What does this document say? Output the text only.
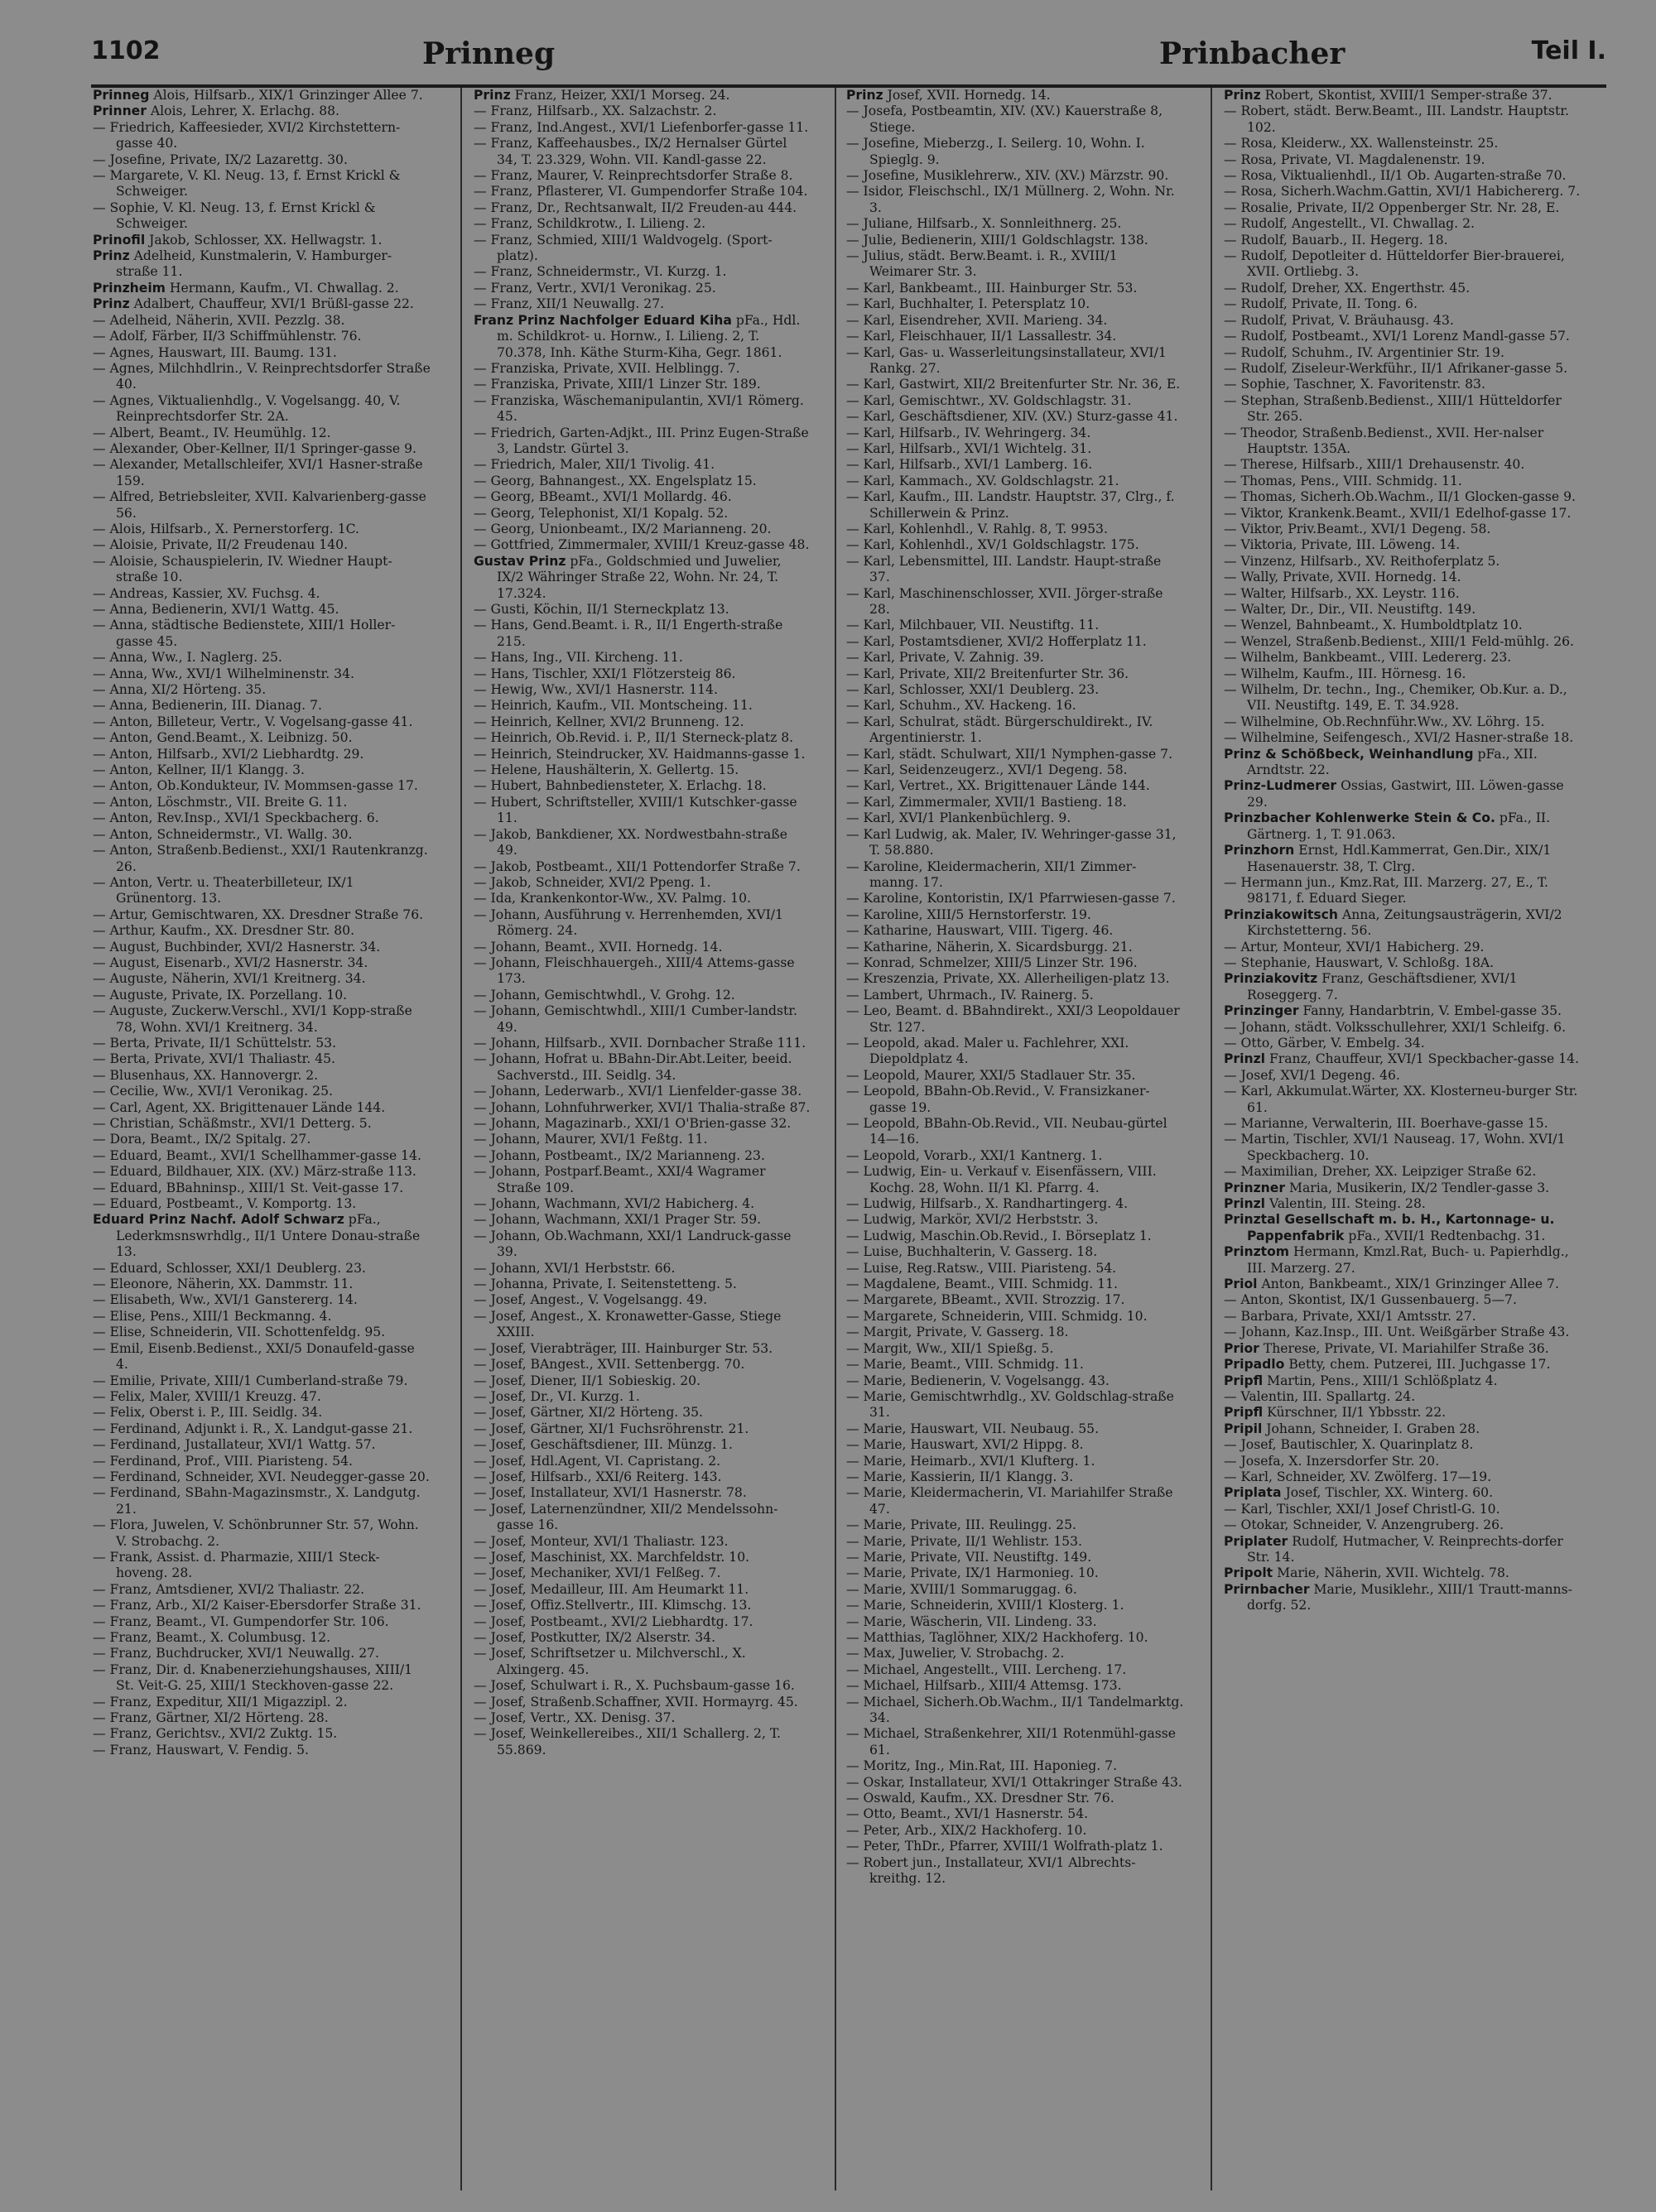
1102	Prinneg	Prinbacher	Teil I.

Prinneg Alois, Hilfsarb., XIX/1 Grinzinger Allee 7.

Prinner Alois, Lehrer, X. Erlachg. 88.

— Friedrich, Kaffeesieder, XVI/2 Kirchstettern-gasse 40.

— Josefine, Private, IX/2 Lazarettg. 30.

— Margarete, V. Kl. Neug. 13, f. Ernst Krickl & Schweiger.

— Sophie, V. Kl. Neug. 13, f. Ernst Krickl & Schweiger.

Prinofil Jakob, Schlosser, XX. Hellwagstr. 1.

Prinz Adelheid, Kunstmalerin, V. Hamburger-straße 11.

Prinzheim Hermann, Kaufm., VI. Chwallag. 2.

Prinz Adalbert, Chauffeur, XVI/1 Brüßl-gasse 22.

— Adelheid, Näherin, XVII. Pezzlg. 38.

— Adolf, Färber, II/3 Schiffmühlenstr. 76.

— Agnes, Hauswart, III. Baumg. 131.

— Agnes, Milchhdlrin., V. Reinprechtsdorfer Straße 40.

— Agnes, Viktualienhdlg., V. Vogelsangg. 40, V. Reinprechtsdorfer Str. 2A.

— Albert, Beamt., IV. Heumühlg. 12.

— Alexander, Ober-Kellner, II/1 Springer-gasse 9.

— Alexander, Metallschleifer, XVI/1 Hasner-straße 159.

— Alfred, Betriebsleiter, XVII. Kalvarienberg-gasse 56.

— Alois, Hilfsarb., X. Pernerstorferg. 1C.

— Aloisie, Private, II/2 Freudenau 140.

— Aloisie, Schauspielerin, IV. Wiedner Haupt-straße 10.

— Andreas, Kassier, XV. Fuchsg. 4.

— Anna, Bedienerin, XVI/1 Wattg. 45.

— Anna, städtische Bedienstete, XIII/1 Holler-gasse 45.

— Anna, Ww., I. Naglerg. 25.

— Anna, Ww., XVI/1 Wilhelminenstr. 34.

— Anna, XI/2 Hörteng. 35.

— Anna, Bedienerin, III. Dianag. 7.

— Anton, Billeteur, Vertr., V. Vogelsang-gasse 41.

— Anton, Gend.Beamt., X. Leibnizg. 50.

— Anton, Hilfsarb., XVI/2 Liebhardtg. 29.

— Anton, Kellner, II/1 Klangg. 3.

— Anton, Ob.Kondukteur, IV. Mommsen-gasse 17.

— Anton, Löschmstr., VII. Breite G. 11.

— Anton, Rev.Insp., XVI/1 Speckbacherg. 6.

— Anton, Schneidermstr., VI. Wallg. 30.

— Anton, Straßenb.Bedienst., XXI/1 Rautenkranzg. 26.

— Anton, Vertr. u. Theaterbilleteur, IX/1 Grünentorg. 13.

— Artur, Gemischtwaren, XX. Dresdner Straße 76.

— Arthur, Kaufm., XX. Dresdner Str. 80.

— August, Buchbinder, XVI/2 Hasnerstr. 34.

— August, Eisenarb., XVI/2 Hasnerstr. 34.

— Auguste, Näherin, XVI/1 Kreitnerg. 34.

— Auguste, Private, IX. Porzellang. 10.

— Auguste, Zuckerw.Verschl., XVI/1 Kopp-straße 78, Wohn. XVI/1 Kreitnerg. 34.

— Berta, Private, II/1 Schüttelstr. 53.

— Berta, Private, XVI/1 Thaliastr. 45.

— Blusenhaus, XX. Hannovergr. 2.

— Cecilie, Ww., XVI/1 Veronikag. 25.

— Carl, Agent, XX. Brigittenauer Lände 144.

— Christian, Schäßmstr., XVI/1 Detterg. 5.

— Dora, Beamt., IX/2 Spitalg. 27.

— Eduard, Beamt., XVI/1 Schellhammer-gasse 14.

— Eduard, Bildhauer, XIX. (XV.) März-straße 113.

— Eduard, BBahninsp., XIII/1 St. Veit-gasse 17.

— Eduard, Postbeamt., V. Komportg. 13.

Eduard Prinz Nachf. Adolf Schwarz pFa., Lederkmsnswrhdlg., II/1 Untere Donau-straße 13.

— Eduard, Schlosser, XXI/1 Deublerg. 23.

— Eleonore, Näherin, XX. Dammstr. 11.

— Elisabeth, Ww., XVI/1 Ganstererg. 14.

— Elise, Pens., XIII/1 Beckmanng. 4.

— Elise, Schneiderin, VII. Schottenfeldg. 95.

— Emil, Eisenb.Bedienst., XXI/5 Donaufeld-gasse 4.

— Emilie, Private, XIII/1 Cumberland-straße 79.

— Felix, Maler, XVIII/1 Kreuzg. 47.

— Felix, Oberst i. P., III. Seidlg. 34.

— Ferdinand, Adjunkt i. R., X. Landgut-gasse 21.

— Ferdinand, Justallateur, XVI/1 Wattg. 57.

— Ferdinand, Prof., VIII. Piaristeng. 54.

— Ferdinand, Schneider, XVI. Neudegger-gasse 20.

— Ferdinand, SBahn-Magazinsmstr., X. Landgutg. 21.

— Flora, Juwelen, V. Schönbrunner Str. 57, Wohn. V. Strobachg. 2.

— Frank, Assist. d. Pharmazie, XIII/1 Steck-hoveng. 28.

— Franz, Amtsdiener, XVI/2 Thaliastr. 22.

— Franz, Arb., XI/2 Kaiser-Ebersdorfer Straße 31.

— Franz, Beamt., VI. Gumpendorfer Str. 106.

— Franz, Beamt., X. Columbusg. 12.

— Franz, Buchdrucker, XVI/1 Neuwallg. 27.

— Franz, Dir. d. Knabenerziehungshauses, XIII/1 St. Veit-G. 25, XIII/1 Steckhoven-gasse 22.

— Franz, Expeditur, XII/1 Migazzipl. 2.

— Franz, Gärtner, XI/2 Hörteng. 28.

— Franz, Gerichtsv., XVI/2 Zuktg. 15.

— Franz, Hauswart, V. Fendig. 5.

Prinz Franz, Heizer, XXI/1 Morseg. 24.

— Franz, Hilfsarb., XX. Salzachstr. 2.

— Franz, Ind.Angest., XVI/1 Liefenborfer-gasse 11.

— Franz, Kaffeehausbes., IX/2 Hernalser Gürtel 34, T. 23.329, Wohn. VII. Kandl-gasse 22.

— Franz, Maurer, V. Reinprechtsdorfer Straße 8.

— Franz, Pflasterer, VI. Gumpendorfer Straße 104.

— Franz, Dr., Rechtsanwalt, II/2 Freuden-au 444.

— Franz, Schildkrotw., I. Lilieng. 2.

— Franz, Schmied, XIII/1 Waldvogelg. (Sport-platz).

— Franz, Schneidermstr., VI. Kurzg. 1.

— Franz, Vertr., XVI/1 Veronikag. 25.

— Franz, XII/1 Neuwallg. 27.

Franz Prinz Nachfolger Eduard Kiha pFa., Hdl. m. Schildkrot- u. Hornw., I. Lilieng. 2, T. 70.378, Inh. Käthe Sturm-Kiha, Gegr. 1861.

— Franziska, Private, XVII. Helblingg. 7.

— Franziska, Private, XIII/1 Linzer Str. 189.

— Franziska, Wäschemanipulantin, XVI/1 Römerg. 45.

— Friedrich, Garten-Adjkt., III. Prinz Eugen-Straße 3, Landstr. Gürtel 3.

— Friedrich, Maler, XII/1 Tivolig. 41.

— Georg, Bahnangest., XX. Engelsplatz 15.

— Georg, BBeamt., XVI/1 Mollardg. 46.

— Georg, Telephonist, XI/1 Kopalg. 52.

— Georg, Unionbeamt., IX/2 Marianneng. 20.

— Gottfried, Zimmermaler, XVIII/1 Kreuz-gasse 48.

Gustav Prinz pFa., Goldschmied und Juwelier, IX/2 Währinger Straße 22, Wohn. Nr. 24, T. 17.324.

— Gusti, Köchin, II/1 Sterneckplatz 13.

— Hans, Gend.Beamt. i. R., II/1 Engerth-straße 215.

— Hans, Ing., VII. Kircheng. 11.

— Hans, Tischler, XXI/1 Flötzersteig 86.

— Hewig, Ww., XVI/1 Hasnerstr. 114.

— Heinrich, Kaufm., VII. Montscheing. 11.

— Heinrich, Kellner, XVI/2 Brunneng. 12.

— Heinrich, Ob.Revid. i. P., II/1 Sterneck-platz 8.

— Heinrich, Steindrucker, XV. Haidmanns-gasse 1.

— Helene, Haushälterin, X. Gellertg. 15.

— Hubert, Bahnbediensteter, X. Erlachg. 18.

— Hubert, Schriftsteller, XVIII/1 Kutschker-gasse 11.

— Jakob, Bankdiener, XX. Nordwestbahn-straße 49.

— Jakob, Postbeamt., XII/1 Pottendorfer Straße 7.

— Jakob, Schneider, XVI/2 Ppeng. 1.

— Ida, Krankenkontor-Ww., XV. Palmg. 10.

— Johann, Ausführung v. Herrenhemden, XVI/1 Römerg. 24.

— Johann, Beamt., XVII. Hornedg. 14.

— Johann, Fleischhauergeh., XIII/4 Attems-gasse 173.

— Johann, Gemischtwhdl., V. Grohg. 12.

— Johann, Gemischtwhdl., XIII/1 Cumber-landstr. 49.

— Johann, Hilfsarb., XVII. Dornbacher Straße 111.

— Johann, Hofrat u. BBahn-Dir.Abt.Leiter, beeid. Sachverstd., III. Seidlg. 34.

— Johann, Lederwarb., XVI/1 Lienfelder-gasse 38.

— Johann, Lohnfuhrwerker, XVI/1 Thalia-straße 87.

— Johann, Magazinarb., XXI/1 O'Brien-gasse 32.

— Johann, Maurer, XVI/1 Feßtg. 11.

— Johann, Postbeamt., IX/2 Marianneng. 23.

— Johann, Postparf.Beamt., XXI/4 Wagramer Straße 109.

— Johann, Wachmann, XVI/2 Habicherg. 4.

— Johann, Wachmann, XXI/1 Prager Str. 59.

— Johann, Ob.Wachmann, XXI/1 Landruck-gasse 39.

— Johann, XVI/1 Herbststr. 66.

— Johanna, Private, I. Seitenstetteng. 5.

— Josef, Angest., V. Vogelsangg. 49.

— Josef, Angest., X. Kronawetter-Gasse, Stiege XXIII.

— Josef, Vierabträger, III. Hainburger Str. 53.

— Josef, BAngest., XVII. Settenbergg. 70.

— Josef, Diener, II/1 Sobieskig. 20.

— Josef, Dr., VI. Kurzg. 1.

— Josef, Gärtner, XI/2 Hörteng. 35.

— Josef, Gärtner, XI/1 Fuchsröhrenstr. 21.

— Josef, Geschäftsdiener, III. Münzg. 1.

— Josef, Hdl.Agent, VI. Capristang. 2.

— Josef, Hilfsarb., XXI/6 Reiterg. 143.

— Josef, Installateur, XVI/1 Hasnerstr. 78.

— Josef, Laternenzündner, XII/2 Mendelssohn-gasse 16.

— Josef, Monteur, XVI/1 Thaliastr. 123.

— Josef, Maschinist, XX. Marchfeldstr. 10.

— Josef, Mechaniker, XVI/1 Felßeg. 7.

— Josef, Medailleur, III. Am Heumarkt 11.

— Josef, Offiz.Stellvertr., III. Klimschg. 13.

— Josef, Postbeamt., XVI/2 Liebhardtg. 17.

— Josef, Postkutter, IX/2 Alserstr. 34.

— Josef, Schriftsetzer u. Milchverschl., X. Alxingerg. 45.

— Josef, Schulwart i. R., X. Puchsbaum-gasse 16.

— Josef, Straßenb.Schaffner, XVII. Hormayrg. 45.

— Josef, Vertr., XX. Denisg. 37.

— Josef, Weinkellereibes., XII/1 Schallerg. 2, T. 55.869.

Prinz Josef, XVII. Hornedg. 14.

— Josefa, Postbeamtin, XIV. (XV.) Kauerstraße 8, Stiege.

— Josefine, Mieberzg., I. Seilerg. 10, Wohn. I. Spieglg. 9.

— Josefine, Musiklehrerw., XIV. (XV.) Märzstr. 90.

— Isidor, Fleischschl., IX/1 Müllnerg. 2, Wohn. Nr. 3.

— Juliane, Hilfsarb., X. Sonnleithnerg. 25.

— Julie, Bedienerin, XIII/1 Goldschlagstr. 138.

— Julius, städt. Berw.Beamt. i. R., XVIII/1 Weimarer Str. 3.

— Karl, Bankbeamt., III. Hainburger Str. 53.

— Karl, Buchhalter, I. Petersplatz 10.

— Karl, Eisendreher, XVII. Marieng. 34.

— Karl, Fleischhauer, II/1 Lassallestr. 34.

— Karl, Gas- u. Wasserleitungsinstallateur, XVI/1 Rankg. 27.

— Karl, Gastwirt, XII/2 Breitenfurter Str. Nr. 36, E.

— Karl, Gemischtwr., XV. Goldschlagstr. 31.

— Karl, Geschäftsdiener, XIV. (XV.) Sturz-gasse 41.

— Karl, Hilfsarb., IV. Wehringerg. 34.

— Karl, Hilfsarb., XVI/1 Wichtelg. 31.

— Karl, Hilfsarb., XVI/1 Lamberg. 16.

— Karl, Kammach., XV. Goldschlagstr. 21.

— Karl, Kaufm., III. Landstr. Hauptstr. 37, Clrg., f. Schillerwein & Prinz.

— Karl, Kohlenhdl., V. Rahlg. 8, T. 9953.

— Karl, Kohlenhdl., XV/1 Goldschlagstr. 175.

— Karl, Lebensmittel, III. Landstr. Haupt-straße 37.

— Karl, Maschinenschlosser, XVII. Jörger-straße 28.

— Karl, Milchbauer, VII. Neustiftg. 11.

— Karl, Postamtsdiener, XVI/2 Hofferplatz 11.

— Karl, Private, V. Zahnig. 39.

— Karl, Private, XII/2 Breitenfurter Str. 36.

— Karl, Schlosser, XXI/1 Deublerg. 23.

— Karl, Schuhm., XV. Hackeng. 16.

— Karl, Schulrat, städt. Bürgerschuldirekt., IV. Argentinierstr. 1.

— Karl, städt. Schulwart, XII/1 Nymphen-gasse 7.

— Karl, Seidenzeugerz., XVI/1 Degeng. 58.

— Karl, Vertret., XX. Brigittenauer Lände 144.

— Karl, Zimmermaler, XVII/1 Bastieng. 18.

— Karl, XVI/1 Plankenbüchlerg. 9.

— Karl Ludwig, ak. Maler, IV. Wehringer-gasse 31, T. 58.880.

— Karoline, Kleidermacherin, XII/1 Zimmer-manng. 17.

— Karoline, Kontoristin, IX/1 Pfarrwiesen-gasse 7.

— Karoline, XIII/5 Hernstorferstr. 19.

— Katharine, Hauswart, VIII. Tigerg. 46.

— Katharine, Näherin, X. Sicardsburgg. 21.

— Konrad, Schmelzer, XIII/5 Linzer Str. 196.

— Kreszenzia, Private, XX. Allerheiligen-platz 13.

— Lambert, Uhrmach., IV. Rainerg. 5.

— Leo, Beamt. d. BBahndirekt., XXI/3 Leopoldauer Str. 127.

— Leopold, akad. Maler u. Fachlehrer, XXI. Diepoldplatz 4.

— Leopold, Maurer, XXI/5 Stadlauer Str. 35.

— Leopold, BBahn-Ob.Revid., V. Fransizkaner-gasse 19.

— Leopold, BBahn-Ob.Revid., VII. Neubau-gürtel 14—16.

— Leopold, Vorarb., XXI/1 Kantnerg. 1.

— Ludwig, Ein- u. Verkauf v. Eisenfässern, VIII. Kochg. 28, Wohn. II/1 Kl. Pfarrg. 4.

— Ludwig, Hilfsarb., X. Randhartingerg. 4.

— Ludwig, Markör, XVI/2 Herbststr. 3.

— Ludwig, Maschin.Ob.Revid., I. Börseplatz 1.

— Luise, Buchhalterin, V. Gasserg. 18.

— Luise, Reg.Ratsw., VIII. Piaristeng. 54.

— Magdalene, Beamt., VIII. Schmidg. 11.

— Margarete, BBeamt., XVII. Strozzig. 17.

— Margarete, Schneiderin, VIII. Schmidg. 10.

— Margit, Private, V. Gasserg. 18.

— Margit, Ww., XII/1 Spießg. 5.

— Marie, Beamt., VIII. Schmidg. 11.

— Marie, Bedienerin, V. Vogelsangg. 43.

— Marie, Gemischtwrhdlg., XV. Goldschlag-straße 31.

— Marie, Hauswart, VII. Neubaug. 55.

— Marie, Hauswart, XVI/2 Hippg. 8.

— Marie, Heimarb., XVI/1 Klufterg. 1.

— Marie, Kassierin, II/1 Klangg. 3.

— Marie, Kleidermacherin, VI. Mariahilfer Straße 47.

— Marie, Private, III. Reulingg. 25.

— Marie, Private, II/1 Wehlistr. 153.

— Marie, Private, VII. Neustiftg. 149.

— Marie, Private, IX/1 Harmonieg. 10.

— Marie, XVIII/1 Sommaruggag. 6.

— Marie, Schneiderin, XVIII/1 Klosterg. 1.

— Marie, Wäscherin, VII. Lindeng. 33.

— Matthias, Taglöhner, XIX/2 Hackhoferg. 10.

— Max, Juwelier, V. Strobachg. 2.

— Michael, Angestellt., VIII. Lercheng. 17.

— Michael, Hilfsarb., XIII/4 Attemsg. 173.

— Michael, Sicherh.Ob.Wachm., II/1 Tandelmarktg. 34.

— Michael, Straßenkehrer, XII/1 Rotenmühl-gasse 61.

— Moritz, Ing., Min.Rat, III. Haponieg. 7.

— Oskar, Installateur, XVI/1 Ottakringer Straße 43.

— Oswald, Kaufm., XX. Dresdner Str. 76.

— Otto, Beamt., XVI/1 Hasnerstr. 54.

— Peter, Arb., XIX/2 Hackhoferg. 10.

— Peter, ThDr., Pfarrer, XVIII/1 Wolfrath-platz 1.

— Robert jun., Installateur, XVI/1 Albrechts-kreithg. 12.

Prinz Robert, Skontist, XVIII/1 Semper-straße 37.

— Robert, städt. Berw.Beamt., III. Landstr. Hauptstr. 102.

— Rosa, Kleiderw., XX. Wallensteinstr. 25.

— Rosa, Private, VI. Magdalenenstr. 19.

— Rosa, Viktualienhdl., II/1 Ob. Augarten-straße 70.

— Rosa, Sicherh.Wachm.Gattin, XVI/1 Habichererg. 7.

— Rosalie, Private, II/2 Oppenberger Str. Nr. 28, E.

— Rudolf, Angestellt., VI. Chwallag. 2.

— Rudolf, Bauarb., II. Hegerg. 18.

— Rudolf, Depotleiter d. Hütteldorfer Bier-brauerei, XVII. Ortliebg. 3.

— Rudolf, Dreher, XX. Engerthstr. 45.

— Rudolf, Private, II. Tong. 6.

— Rudolf, Privat, V. Bräuhausg. 43.

— Rudolf, Postbeamt., XVI/1 Lorenz Mandl-gasse 57.

— Rudolf, Schuhm., IV. Argentinier Str. 19.

— Rudolf, Ziseleur-Werkführ., II/1 Afrikaner-gasse 5.

— Sophie, Taschner, X. Favoritenstr. 83.

— Stephan, Straßenb.Bedienst., XIII/1 Hütteldorfer Str. 265.

— Theodor, Straßenb.Bedienst., XVII. Her-nalser Hauptstr. 135A.

— Therese, Hilfsarb., XIII/1 Drehausenstr. 40.

— Thomas, Pens., VIII. Schmidg. 11.

— Thomas, Sicherh.Ob.Wachm., II/1 Glocken-gasse 9.

— Viktor, Krankenk.Beamt., XVII/1 Edelhof-gasse 17.

— Viktor, Priv.Beamt., XVI/1 Degeng. 58.

— Viktoria, Private, III. Löweng. 14.

— Vinzenz, Hilfsarb., XV. Reithoferplatz 5.

— Wally, Private, XVII. Hornedg. 14.

— Walter, Hilfsarb., XX. Leystr. 116.

— Walter, Dr., Dir., VII. Neustiftg. 149.

— Wenzel, Bahnbeamt., X. Humboldtplatz 10.

— Wenzel, Straßenb.Bedienst., XIII/1 Feld-mühlg. 26.

— Wilhelm, Bankbeamt., VIII. Ledererg. 23.

— Wilhelm, Kaufm., III. Hörnesg. 16.

— Wilhelm, Dr. techn., Ing., Chemiker, Ob.Kur. a. D., VII. Neustiftg. 149, E. T. 34.928.

— Wilhelmine, Ob.Rechnführ.Ww., XV. Löhrg. 15.

— Wilhelmine, Seifengesch., XVI/2 Hasner-straße 18.

Prinz & Schößbeck, Weinhandlung pFa., XII. Arndtstr. 22.

Prinz-Ludmerer Ossias, Gastwirt, III. Löwen-gasse 29.

Prinzbacher Kohlenwerke Stein & Co. pFa., II. Gärtnerg. 1, T. 91.063.

Prinzhorn Ernst, Hdl.Kammerrat, Gen.Dir., XIX/1 Hasenauerstr. 38, T. Clrg.

— Hermann jun., Kmz.Rat, III. Marzerg. 27, E., T. 98171, f. Eduard Sieger.

Prinziakowitsch Anna, Zeitungsausträgerin, XVI/2 Kirchstetterng. 56.

— Artur, Monteur, XVI/1 Habicherg. 29.

— Stephanie, Hauswart, V. Schloßg. 18A.

Prinziakovitz Franz, Geschäftsdiener, XVI/1 Roseggerg. 7.

Prinzinger Fanny, Handarbtrin, V. Embel-gasse 35.

— Johann, städt. Volksschullehrer, XXI/1 Schleifg. 6.

— Otto, Gärber, V. Embelg. 34.

Prinzl Franz, Chauffeur, XVI/1 Speckbacher-gasse 14.

— Josef, XVI/1 Degeng. 46.

— Karl, Akkumulat.Wärter, XX. Klosterneu-burger Str. 61.

— Marianne, Verwalterin, III. Boerhave-gasse 15.

— Martin, Tischler, XVI/1 Nauseag. 17, Wohn. XVI/1 Speckbacherg. 10.

— Maximilian, Dreher, XX. Leipziger Straße 62.

Prinzner Maria, Musikerin, IX/2 Tendler-gasse 3.

Prinzl Valentin, III. Steing. 28.

Prinztal Gesellschaft m. b. H., Kartonnage- u. Pappenfabrik pFa., XVII/1 Redtenbachg. 31.

Prinztom Hermann, Kmzl.Rat, Buch- u. Papierhdlg., III. Marzerg. 27.

Priol Anton, Bankbeamt., XIX/1 Grinzinger Allee 7.

— Anton, Skontist, IX/1 Gussenbauerg. 5—7.

— Barbara, Private, XXI/1 Amtsstr. 27.

— Johann, Kaz.Insp., III. Unt. Weißgärber Straße 43.

Prior Therese, Private, VI. Mariahilfer Straße 36.

Pripadlo Betty, chem. Putzerei, III. Juchgasse 17.

Pripfl Martin, Pens., XIII/1 Schlößplatz 4.

— Valentin, III. Spallartg. 24.

Pripfl Kürschner, II/1 Ybbsstr. 22.

Pripil Johann, Schneider, I. Graben 28.

— Josef, Bautischler, X. Quarinplatz 8.

— Josefa, X. Inzersdorfer Str. 20.

— Karl, Schneider, XV. Zwölferg. 17—19.

Priplata Josef, Tischler, XX. Winterg. 60.

— Karl, Tischler, XXI/1 Josef Christl-G. 10.

— Otokar, Schneider, V. Anzengruberg. 26.

Priplater Rudolf, Hutmacher, V. Reinprechts-dorfer Str. 14.

Pripolt Marie, Näherin, XVII. Wichtelg. 78.

Prirnbacher Marie, Musiklehr., XIII/1 Trautt-manns-dorfg. 52.
